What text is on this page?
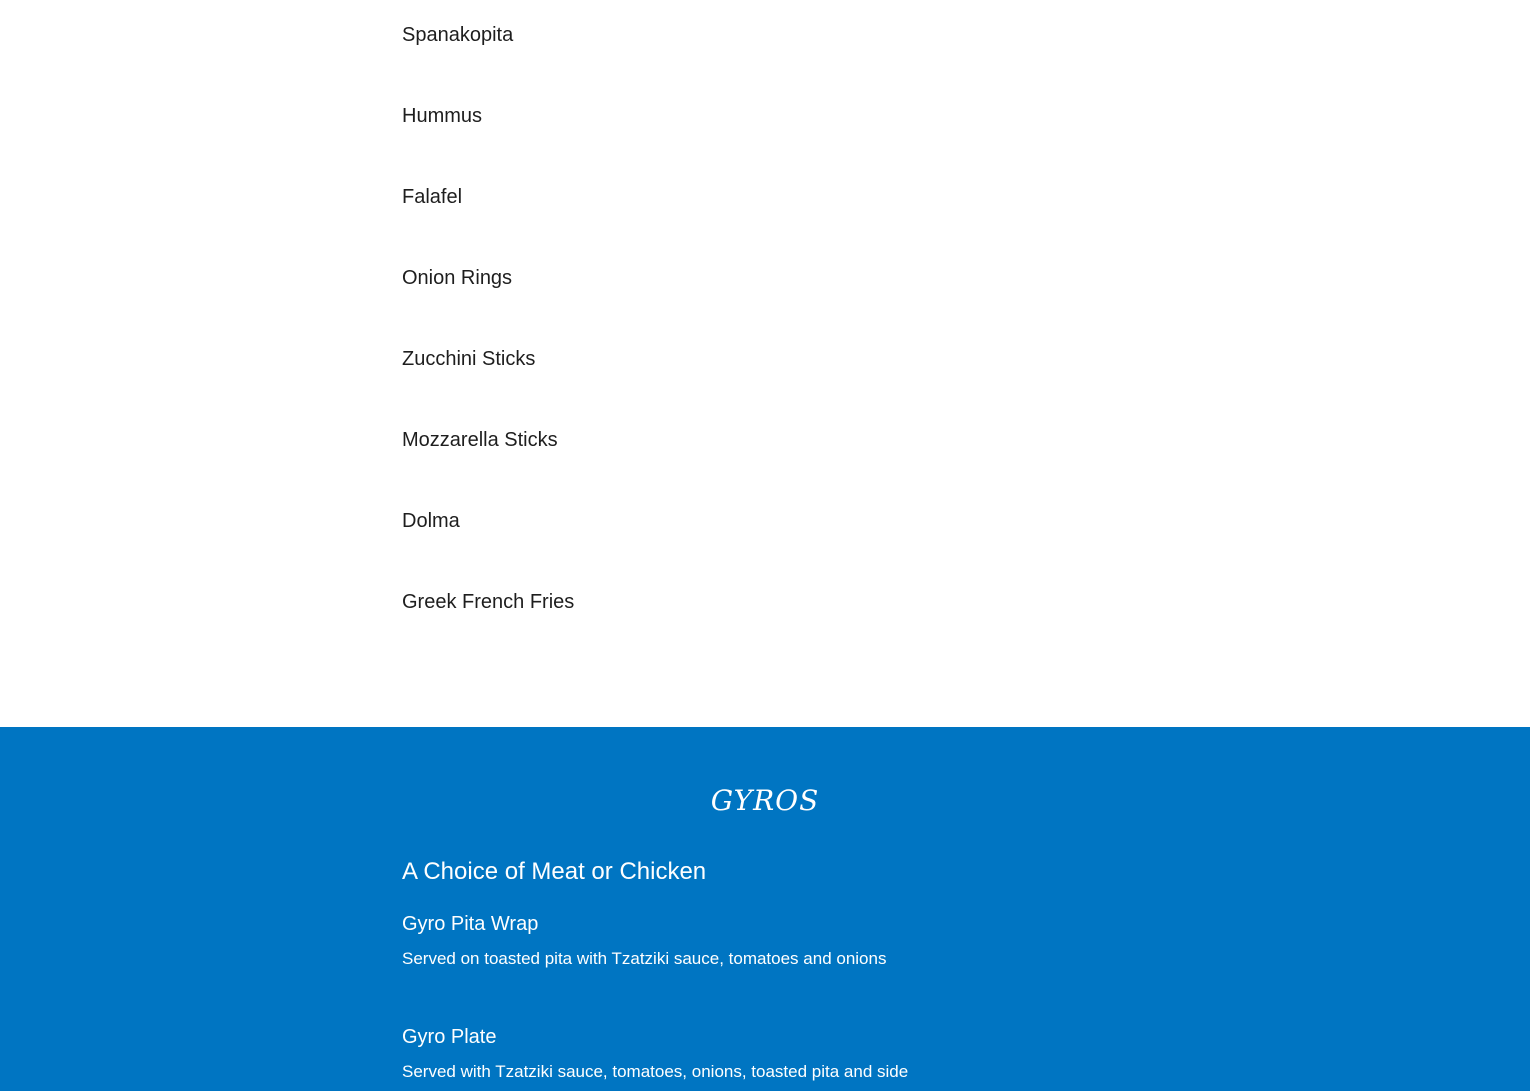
Spanakopita
Hummus
Falafel
Onion Rings
Zucchini Sticks
Mozzarella Sticks
Dolma
Greek French Fries
GYROS
A Choice of Meat or Chicken
Gyro Pita Wrap

Served on toasted pita with Tzatziki sauce, tomatoes and onions

Gyro Plate

Served with Tzatziki sauce, tomatoes, onions, toasted pita and side
